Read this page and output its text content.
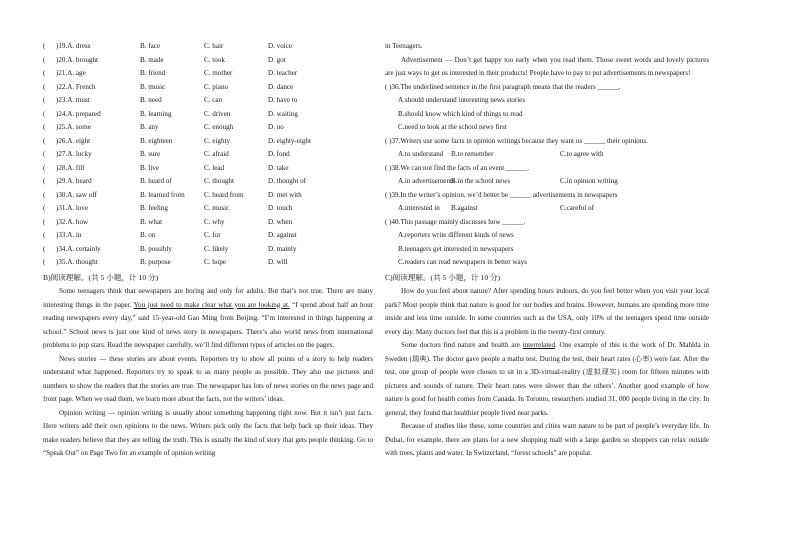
( )19.A. dress	B. face	C. hair	D. voice
( )20.A. brought	B. made	C. took	D. got
( )21.A. age	B. friend	C. mother	D. teacher
( )22.A. French	B. music	C. piano	D. dance
( )23.A. must	B. need	C. can	D. have to
( )24.A. prepared	B. learning	C. driven	D. waiting
( )25.A. some	B. any	C. enough	D. no
( )26.A. eight	B. eighteen	C. eighty	D. eighty-eight
( )27.A. lucky	B. sure	C. afraid	D. fond
( )28.A. fill	B. live	C. lead	D. take
( )29.A. heard	B. heard of	C. thought	D. thought of
( )30.A. saw off	B. learned from	C. heard from	D. met with
( )31.A. love	B. feeling	C. music	D. touch
( )32.A. how	B. what	C. why	D. when
( )33.A. in	B. on	C. for	D. against
( )34.A. certainly	B. possibly	C. likely	D. mainly
( )35.A. thought	B. purpose	C. hope	D. will
B)阅读理解。(共 5 小题，计 10 分)

Some teenagers think that newspapers are boring and only for adults. But that’s not true. There are many interesting things in the paper. You just need to make clear what you are looking at. “I spend about half an hour reading newspapers every day,” said 15-year-old Gao Ming from Beijing. “I’m interested in things happening at school.” School news is just one kind of news story in newspapers. There’s also world news from international problems to pop stars. Read the newspaper carefully, we’ll find different types of articles on the pages.

News stories — these stories are about events. Reporters try to show all points of a story to help readers understand what happened. Reporters try to speak to as many people as possible. They also use pictures and numbers to show the readers that the stories are true. The newspaper has lots of news stories on the news page and front page. When we read them, we learn more about the facts, not the writers’ ideas.

Opinion writing — opinion writing is usually about something happening right now. But it isn’t just facts. Here writers add their own opinions to the news. Writers pick only the facts that help back up their ideas. They make readers believe that they are telling the truth. This is usually the kind of story that gets people thinking. Go to “Speak Out” on Page Two for an example of opinion writing

in Teenagers.

Advertisement — Don’t get happy too early when you read them. Those sweet words and lovely pictures are just ways to get us interested in their products! People have to pay to put advertisements in newspapers!

( )36.The underlined sentence in the first paragraph means that the readers ______.
A.should understand interesting news stories
B.should know which kind of things to read
C.need to look at the school news first
( )37.Writers use some facts in opinion writings because they want us ______ their opinions.
A.to understand B.to remember	C.to agree with
( )38.We can not find the facts of an event ______.
A.in advertisements
B.in the school news	C.in opinion writing
( )39.In the writer’s opinion, we’d better be ______ advertisements in newspapers
A.interested in B.against	C.careful of
( )40.This passage mainly discusses how ______.
A.reporters write different kinds of news
B.teenagers get interested in newspapers
C.readers can read newspapers in better ways
C)阅读理解。(共 5 小题，计 10 分)

How do you feel about nature? After spending hours indoors, do you feel better when you visit your local park? Most people think that nature is good for our bodies and brains. However, humans are spending more time inside and less time outside. In some countries such as the USA, only 10% of the teenagers spend time outside every day. Many doctors feel that this is a problem in the twenty-first century.

Some doctors find nature and health are interrelated. One example of this is the work of Dr. Mahlda in Sweden (瑞典). The doctor gave people a maths test. During the test, their heart rates (心率) were fast. After the test, one group of people were chosen to sit in a 3D-virtual-reality (虚拟现实) room for fifteen minutes with pictures and sounds of nature. Their heart rates were slower than the others’. Another good example of how nature is good for health comes from Canada. In Toronto, researchers studied 31, 000 people living in the city. In general, they found that healthier people lived near parks.

Because of studies like these, some countries and cities want nature to be part of people’s everyday life. In Dubai, for example, there are plans for a new shopping mall with a large garden so shoppers can relax outside with trees, plants and water. In Switzerland, “forest schools” are popular.
